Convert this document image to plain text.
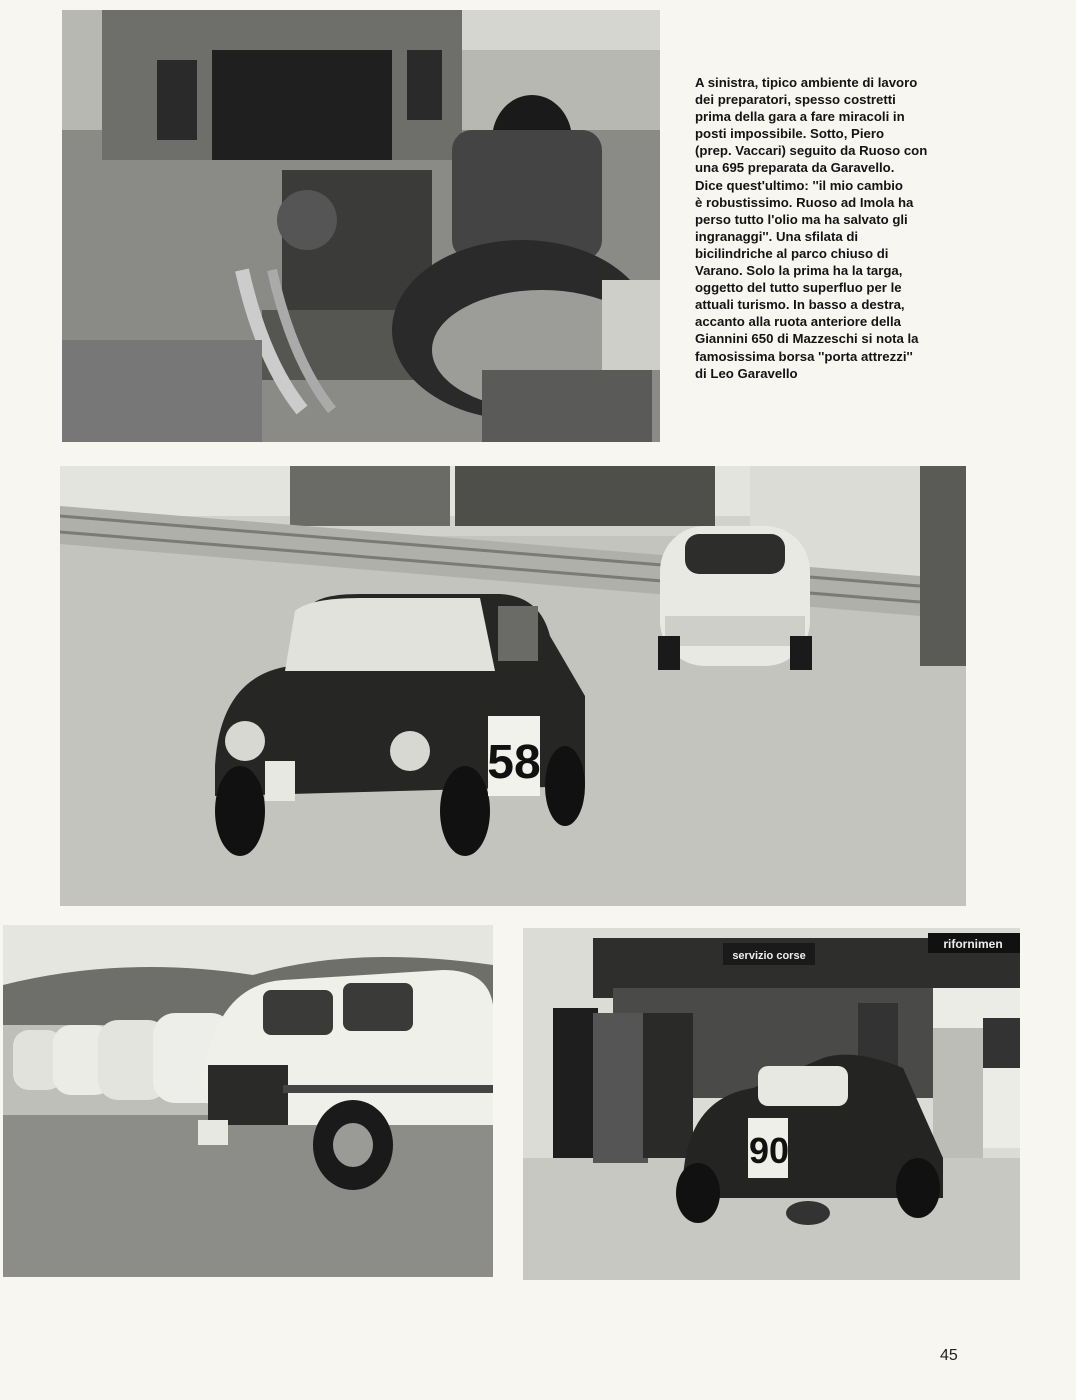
A sinistra, tipico ambiente di lavoro
dei preparatori, spesso costretti
prima della gara a fare miracoli in
posti impossibile. Sotto, Piero
(prep. Vaccari) seguito da Ruoso con
una 695 preparata da Garavello.
Dice quest'ultimo: ''il mio cambio
è robustissimo. Ruoso ad Imola ha
perso tutto l'olio ma ha salvato gli
ingranaggi''. Una sfilata di
bicilindriche al parco chiuso di
Varano. Solo la prima ha la targa,
oggetto del tutto superfluo per le
attuali turismo. In basso a destra,
accanto alla ruota anteriore della
Giannini 650 di Mazzeschi si nota la
famosissima borsa ''porta attrezzi''
di Leo Garavello
58
servizio corse
rifornimen
90
45
